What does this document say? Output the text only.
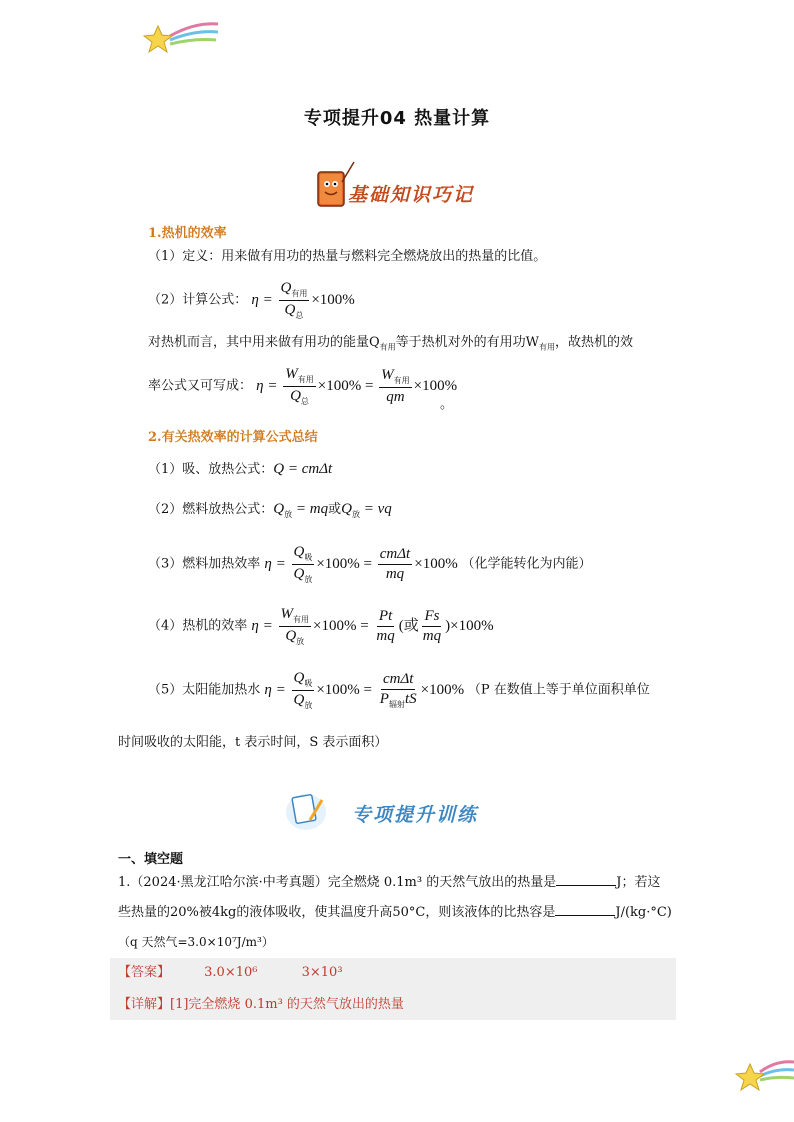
专项提升04 热量计算
基础知识巧记
1.热机的效率
（1）定义：用来做有用功的热量与燃料完全燃烧放出的热量的比值。
（2）计算公式： $\eta = \frac{Q_{有用}}{Q_总} \times 100\%$
对热机而言，其中用来做有用功的能量$Q_{有用}$等于热机对外的有用功$W_{有用}$，故热机的效
率公式又可写成： $\eta = \frac{W_{有用}}{Q_总} \times 100\% = \frac{W_{有用}}{qm} \times 100\%$
。
2.有关热效率的计算公式总结
（1）吸、放热公式：Q = cmΔt
（2）燃料放热公式：$Q_放$ = mq或$Q_放$ = vq
（3）燃料加热效率 $\eta = \frac{Q_吸}{Q_放} \times 100\% = \frac{\text{cmΔt}}{mq} \times 100\%$ （化学能转化为内能）
（4）热机的效率 $\eta = \frac{W_{有用}}{Q_放} \times 100\% = \frac{Pt}{mq}$ (或 $\frac{Fs}{mq} )\times 100\%$
（5）太阳能加热水 $\eta = \frac{Q_吸}{Q_放} \times 100\% = \frac{\text{cmΔt}}{P_{辐射}tS} \times 100\%$ （P 在数值上等于单位面积单位
时间吸收的太阳能，t 表示时间，S 表示面积）
专项提升训练
一、填空题
1.（2024·黑龙江哈尔滨·中考真题）完全燃烧 0.1m³ 的天然气放出的热量是	J；若这
些热量的20%被4kg的液体吸收，使其温度升高50°C，则该液体的比热容是	J/(kg·°C)
（q 天然气=3.0×10⁷J/m³）
【答案】	3.0×10⁶	3×10³
【详解】[1]完全燃烧 0.1m³ 的天然气放出的热量
